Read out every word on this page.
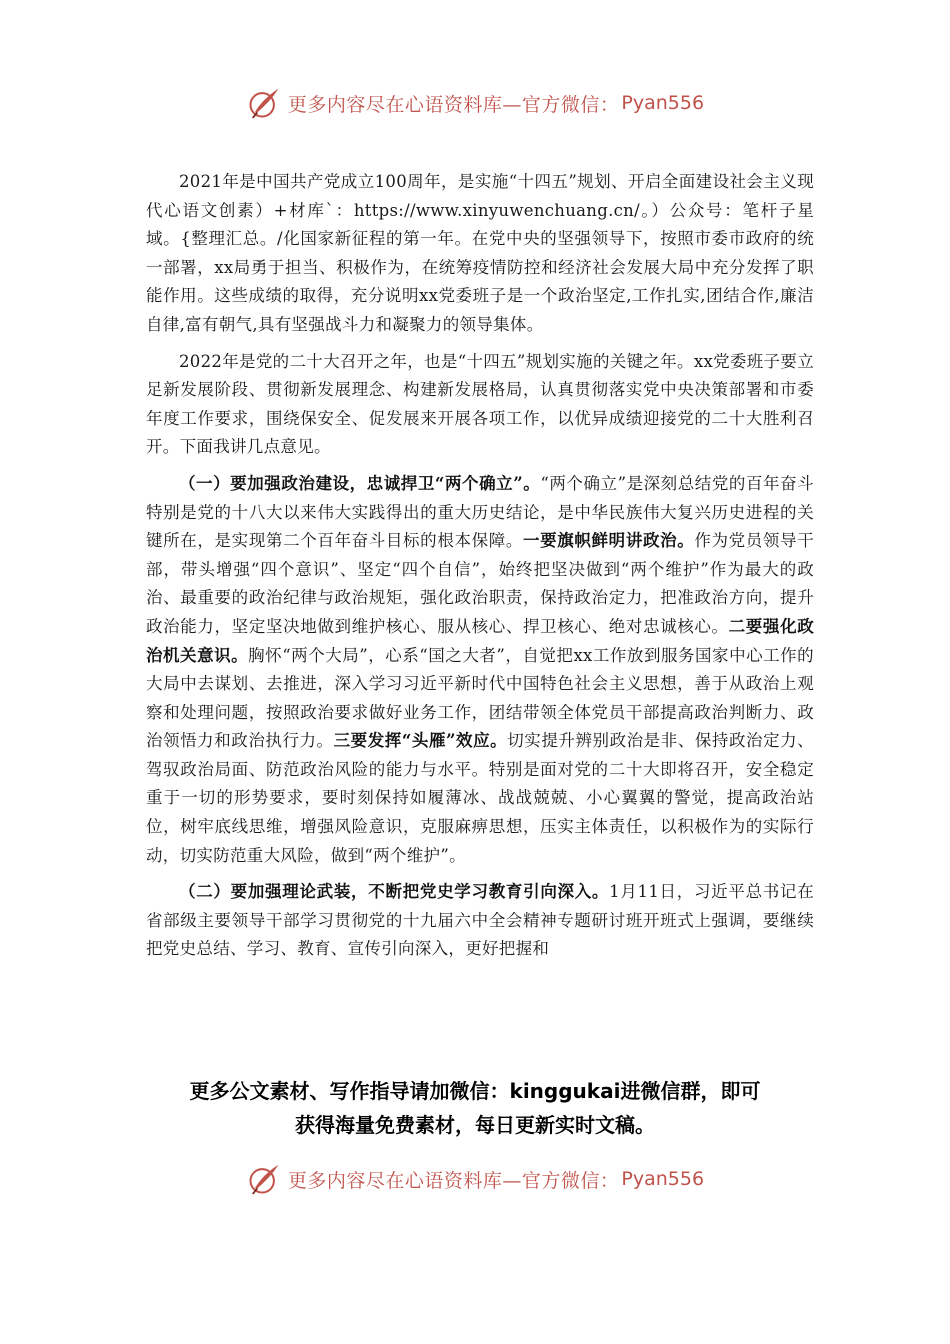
更多内容尽在心语资料库—官方微信： Pyan556

2021年是中国共产党成立100周年，是实施“十四五”规划、开启全面建设社会主义现代心语文创素）+材库`：https://www.xinyuwenchuang.cn/。）公众号：笔杆子星域。{整理汇总。/化国家新征程的第一年。在党中央的坚强领导下，按照市委市政府的统一部署，xx局勇于担当、积极作为，在统筹疫情防控和经济社会发展大局中充分发挥了职能作用。这些成绩的取得，充分说明xx党委班子是一个政治坚定,工作扎实,团结合作,廉洁自律,富有朝气,具有坚强战斗力和凝聚力的领导集体。

2022年是党的二十大召开之年，也是“十四五”规划实施的关键之年。xx党委班子要立足新发展阶段、贯彻新发展理念、构建新发展格局，认真贯彻落实党中央决策部署和市委年度工作要求，围绕保安全、促发展来开展各项工作，以优异成绩迎接党的二十大胜利召开。下面我讲几点意见。

（一）要加强政治建设，忠诚捍卫“两个确立”。“两个确立”是深刻总结党的百年奋斗特别是党的十八大以来伟大实践得出的重大历史结论，是中华民族伟大复兴历史进程的关键所在，是实现第二个百年奋斗目标的根本保障。一要旗帜鲜明讲政治。作为党员领导干部，带头增强“四个意识”、坚定“四个自信”，始终把坚决做到“两个维护”作为最大的政治、最重要的政治纪律与政治规矩，强化政治职责，保持政治定力，把准政治方向，提升政治能力，坚定坚决地做到维护核心、服从核心、捍卫核心、绝对忠诚核心。二要强化政治机关意识。胸怀“两个大局”，心系“国之大者”，自觉把xx工作放到服务国家中心工作的大局中去谋划、去推进，深入学习习近平新时代中国特色社会主义思想，善于从政治上观察和处理问题，按照政治要求做好业务工作，团结带领全体党员干部提高政治判断力、政治领悟力和政治执行力。三要发挥“头雁”效应。切实提升辨别政治是非、保持政治定力、驾驭政治局面、防范政治风险的能力与水平。特别是面对党的二十大即将召开，安全稳定重于一切的形势要求，要时刻保持如履薄冰、战战兢兢、小心翼翼的警觉，提高政治站位，树牢底线思维，增强风险意识，克服麻痹思想，压实主体责任，以积极作为的实际行动，切实防范重大风险，做到“两个维护”。

（二）要加强理论武装，不断把党史学习教育引向深入。1月11日，习近平总书记在省部级主要领导干部学习贯彻党的十九届六中全会精神专题研讨班开班式上强调，要继续把党史总结、学习、教育、宣传引向深入，更好把握和

更多公文素材、写作指导请加微信：kinggukai进微信群，即可
获得海量免费素材，每日更新实时文稿。
更多内容尽在心语资料库—官方微信： Pyan556
